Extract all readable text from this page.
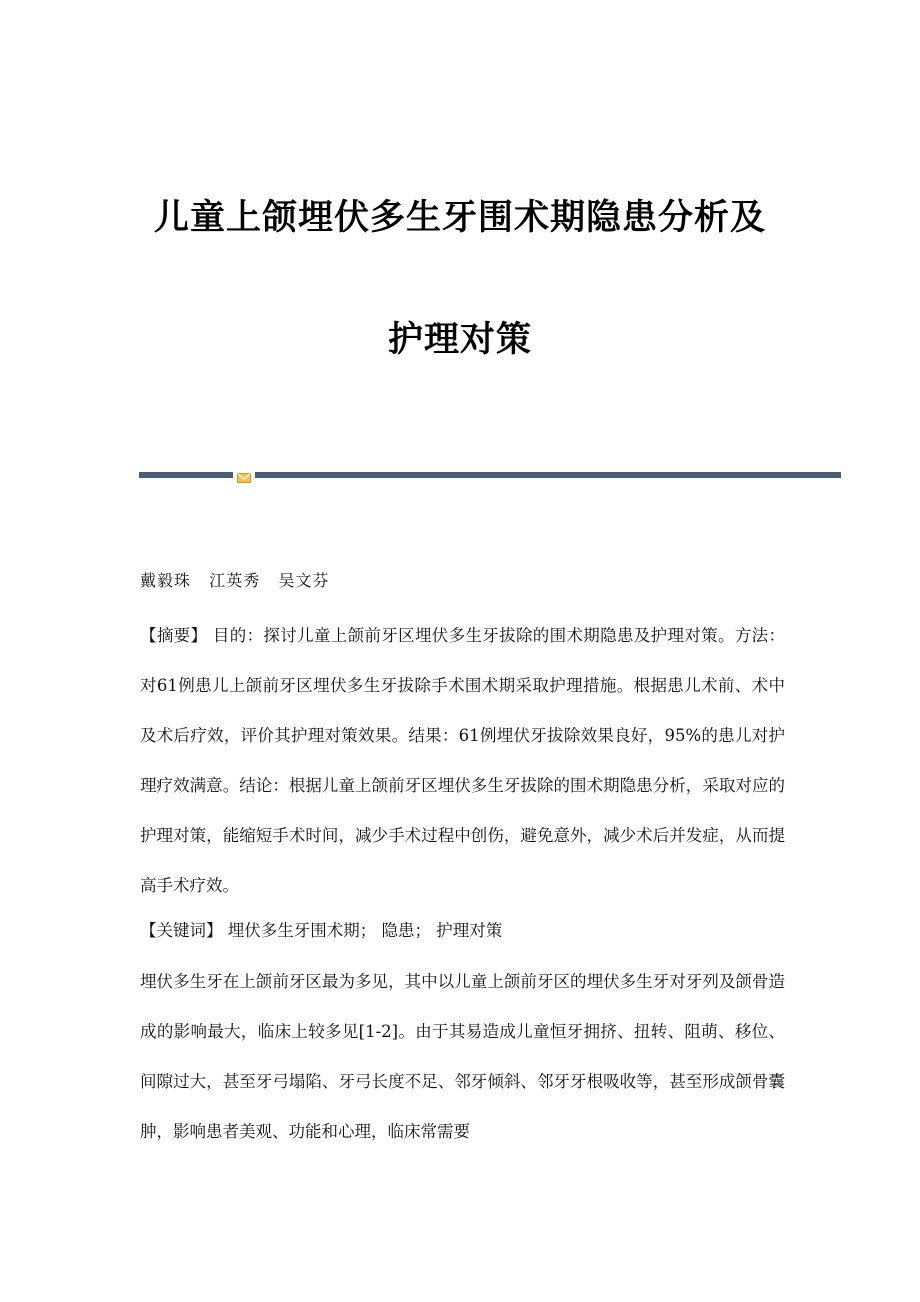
儿童上颌埋伏多生牙围术期隐患分析及
护理对策
戴毅珠   江英秀   吴文芬
【摘要】 目的：探讨儿童上颌前牙区埋伏多生牙拔除的围术期隐患及护理对策。方法：对61例患儿上颌前牙区埋伏多生牙拔除手术围术期采取护理措施。根据患儿术前、术中及术后疗效，评价其护理对策效果。结果：61例埋伏牙拔除效果良好，95%的患儿对护理疗效满意。结论：根据儿童上颌前牙区埋伏多生牙拔除的围术期隐患分析，采取对应的护理对策，能缩短手术时间，减少手术过程中创伤，避免意外，减少术后并发症，从而提高手术疗效。
【关键词】 埋伏多生牙围术期； 隐患； 护理对策
埋伏多生牙在上颌前牙区最为多见，其中以儿童上颌前牙区的埋伏多生牙对牙列及颌骨造成的影响最大，临床上较多见[1-2]。由于其易造成儿童恒牙拥挤、扭转、阻萌、移位、间隙过大，甚至牙弓塌陷、牙弓长度不足、邻牙倾斜、邻牙牙根吸收等，甚至形成颌骨囊肿，影响患者美观、功能和心理，临床常需要
